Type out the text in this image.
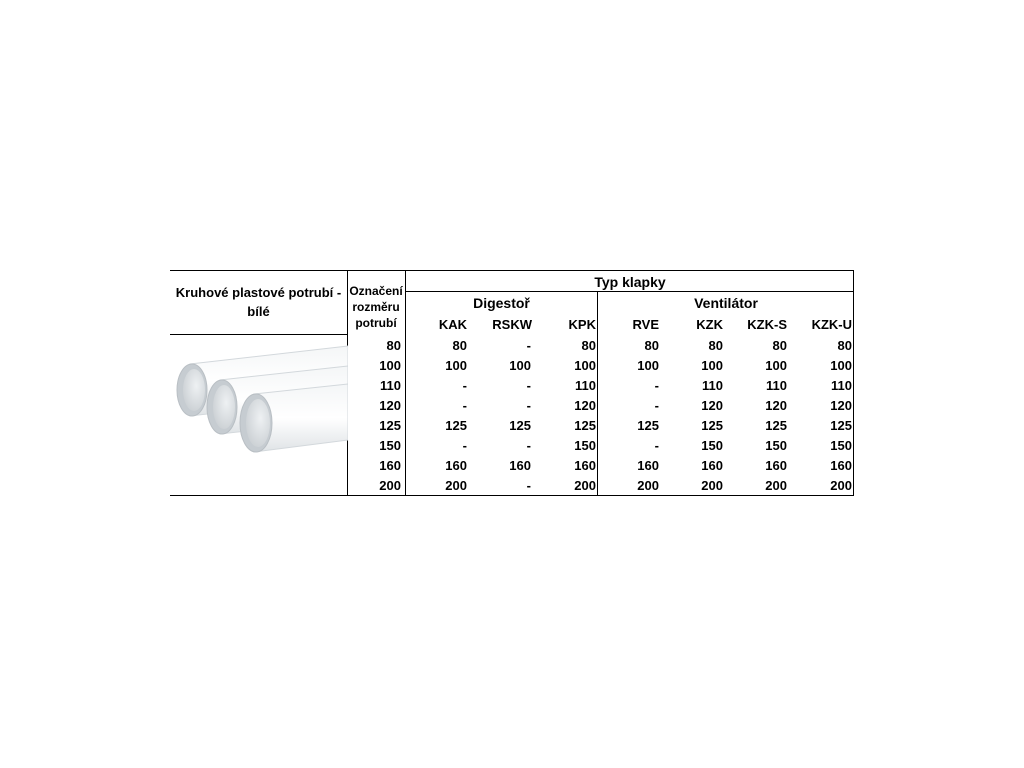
Kruhové plastové potrubí -
bílé
Označení
rozměru
potrubí
Typ klapky
Digestoř	Ventilátor
KAK	RSKW	KPK	RVE	KZK	KZK-S	KZK-U
80	80	-	80	80	80	80	80
100	100	100	100	100	100	100	100
110	-	-	110	-	110	110	110
120	-	-	120	-	120	120	120
125	125	125	125	125	125	125	125
150	-	-	150	-	150	150	150
160	160	160	160	160	160	160	160
200	200	-	200	200	200	200	200
